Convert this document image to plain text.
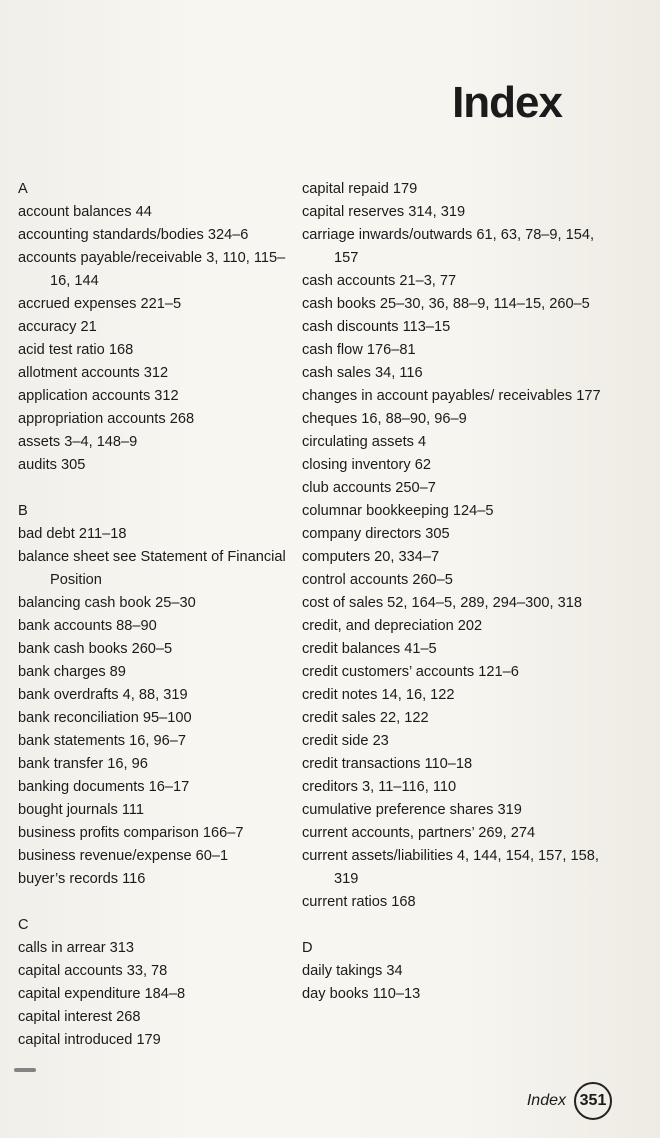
Index
A
account balances 44
accounting standards/bodies 324–6
accounts payable/receivable 3, 110, 115–16, 144
accrued expenses 221–5
accuracy 21
acid test ratio 168
allotment accounts 312
application accounts 312
appropriation accounts 268
assets 3–4, 148–9
audits 305
B
bad debt 211–18
balance sheet see Statement of Financial Position
balancing cash book 25–30
bank accounts 88–90
bank cash books 260–5
bank charges 89
bank overdrafts 4, 88, 319
bank reconciliation 95–100
bank statements 16, 96–7
bank transfer 16, 96
banking documents 16–17
bought journals 111
business profits comparison 166–7
business revenue/expense 60–1
buyer’s records 116
C
calls in arrear 313
capital accounts 33, 78
capital expenditure 184–8
capital interest 268
capital introduced 179
capital repaid 179
capital reserves 314, 319
carriage inwards/outwards 61, 63, 78–9, 154, 157
cash accounts 21–3, 77
cash books 25–30, 36, 88–9, 114–15, 260–5
cash discounts 113–15
cash flow 176–81
cash sales 34, 116
changes in account payables/ receivables 177
cheques 16, 88–90, 96–9
circulating assets 4
closing inventory 62
club accounts 250–7
columnar bookkeeping 124–5
company directors 305
computers 20, 334–7
control accounts 260–5
cost of sales 52, 164–5, 289, 294–300, 318
credit, and depreciation 202
credit balances 41–5
credit customers’ accounts 121–6
credit notes 14, 16, 122
credit sales 22, 122
credit side 23
credit transactions 110–18
creditors 3, 11–116, 110
cumulative preference shares 319
current accounts, partners’ 269, 274
current assets/liabilities 4, 144, 154, 157, 158, 319
current ratios 168
D
daily takings 34
day books 110–13
Index 351
